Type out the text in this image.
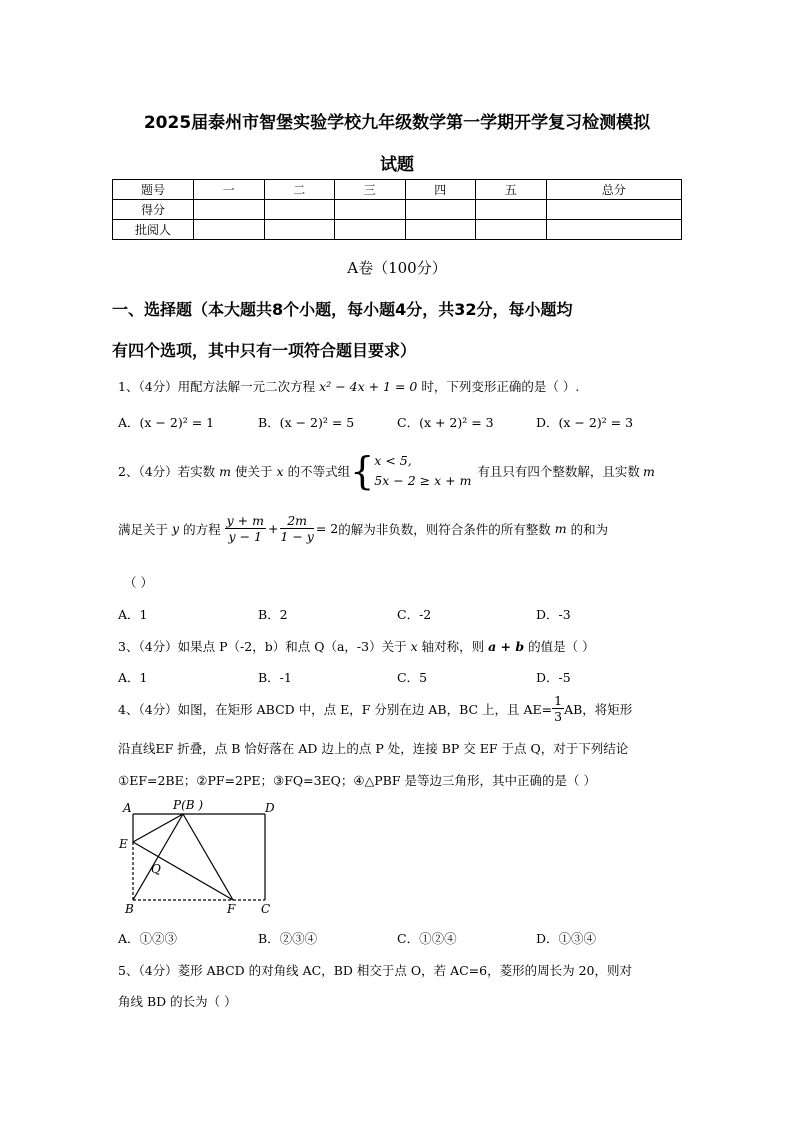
2025届泰州市智堡实验学校九年级数学第一学期开学复习检测模拟
试题
题号	一	二	三	四	五	总分
得分						
批阅人						
A卷（100分）
一、选择题（本大题共8个小题，每小题4分，共32分，每小题均
有四个选项，其中只有一项符合题目要求）
1、（4分）用配方法解一元二次方程 x² − 4x + 1 = 0 时，下列变形正确的是（ ）.
A．(x − 2)² = 1	B．(x − 2)² = 5	C．(x + 2)² = 3	D．(x − 2)² = 3
2、（4分）若实数 m 使关于 x 的不等式组 { x < 5,
5x − 2 ≥ x + m
有且只有四个整数解，且实数 m
满足关于 y 的方程 $\frac{y + m}{y - 1} + \frac{2m}{1 - y} = 2$ 的解为非负数，则符合条件的所有整数 m 的和为
（ ）
A．1	B．2	C．-2	D．-3
3、（4分）如果点 P（-2，b）和点 Q（a，-3）关于 x 轴对称，则 a + b 的值是（ ）
A．1	B．-1	C．5	D．-5
4、（4分）如图，在矩形 ABCD 中，点 E，F 分别在边 AB，BC 上，且 $AE= \frac{1}{3}$ AB，将矩形
沿直线EF 折叠，点 B 恰好落在 AD 边上的点 P 处，连接 BP 交 EF 于点 Q，对于下列结论
①EF=2BE；②PF=2PE；③FQ=3EQ；④△PBF 是等边三角形，其中正确的是（ ）
A	P(B )	D
E
Q
B	F C
A．①②③	B．②③④	C．①②④	D．①③④
5、（4分）菱形 ABCD 的对角线 AC，BD 相交于点 O，若 AC=6，菱形的周长为 20，则对
角线 BD 的长为（ ）
